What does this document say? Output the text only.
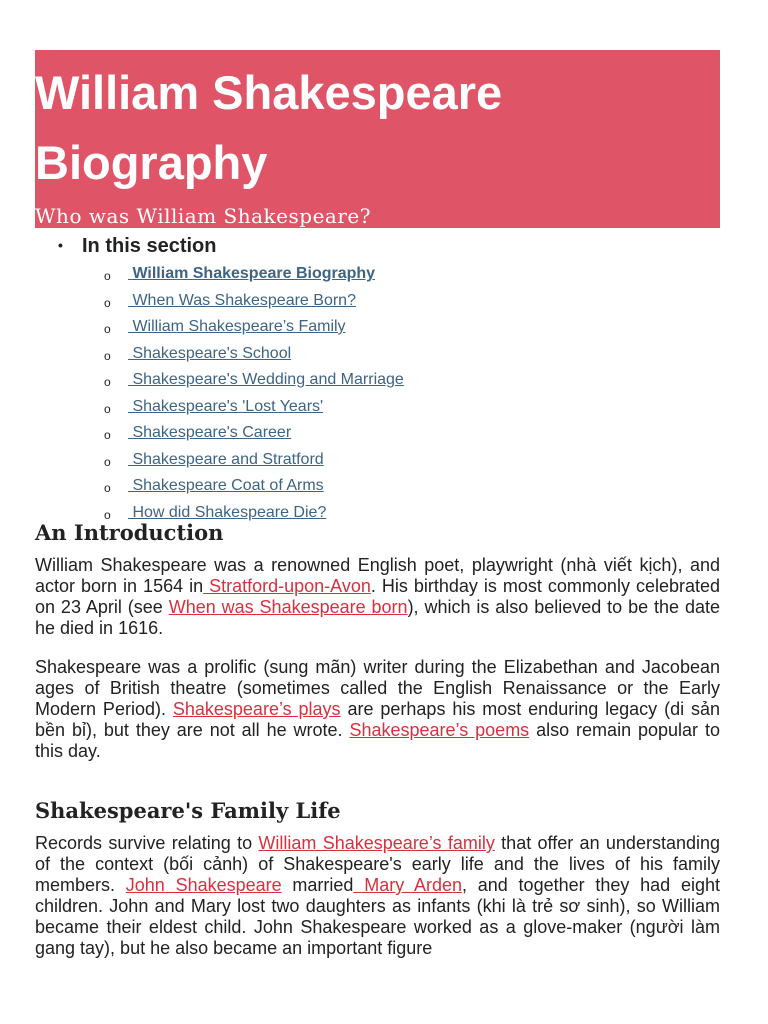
William Shakespeare Biography

Who was William Shakespeare?

• In this section
o William Shakespeare Biography
o When Was Shakespeare Born?
o William Shakespeare’s Family
o Shakespeare's School
o Shakespeare's Wedding and Marriage
o Shakespeare's 'Lost Years'
o Shakespeare's Career
o Shakespeare and Stratford
o Shakespeare Coat of Arms
o How did Shakespeare Die?
An Introduction

William Shakespeare was a renowned English poet, playwright (nhà viết kịch), and actor born in 1564 in Stratford-upon-Avon. His birthday is most commonly celebrated on 23 April (see When was Shakespeare born), which is also believed to be the date he died in 1616.

Shakespeare was a prolific (sung mãn) writer during the Elizabethan and Jacobean ages of British theatre (sometimes called the English Renaissance or the Early Modern Period). Shakespeare’s plays are perhaps his most enduring legacy (di sản bền bỉ), but they are not all he wrote. Shakespeare’s poems also remain popular to this day.

Shakespeare's Family Life

Records survive relating to William Shakespeare’s family that offer an understanding of the context (bối cảnh) of Shakespeare's early life and the lives of his family members. John Shakespeare married Mary Arden, and together they had eight children. John and Mary lost two daughters as infants (khi là trẻ sơ sinh), so William became their eldest child. John Shakespeare worked as a glove-maker (người làm gang tay), but he also became an important figure
